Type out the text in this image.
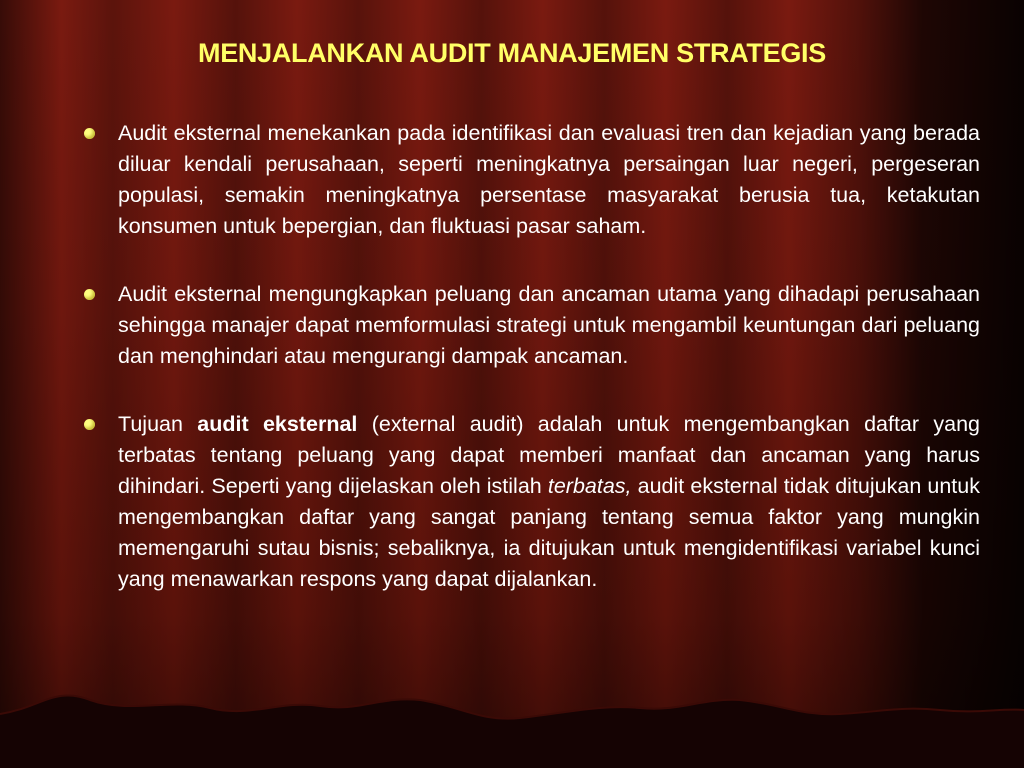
MENJALANKAN AUDIT MANAJEMEN STRATEGIS
Audit eksternal menekankan pada identifikasi dan evaluasi tren dan kejadian yang berada diluar kendali perusahaan, seperti meningkatnya persaingan luar negeri, pergeseran populasi, semakin meningkatnya persentase masyarakat berusia tua, ketakutan konsumen untuk bepergian, dan fluktuasi pasar saham.
Audit eksternal mengungkapkan peluang dan ancaman utama yang dihadapi perusahaan sehingga manajer dapat memformulasi strategi untuk mengambil keuntungan dari peluang dan menghindari atau mengurangi dampak ancaman.
Tujuan audit eksternal (external audit) adalah untuk mengembangkan daftar yang terbatas tentang peluang yang dapat memberi manfaat dan ancaman yang harus dihindari. Seperti yang dijelaskan oleh istilah terbatas, audit eksternal tidak ditujukan untuk mengembangkan daftar yang sangat panjang tentang semua faktor yang mungkin memengaruhi sutau bisnis; sebaliknya, ia ditujukan untuk mengidentifikasi variabel kunci yang menawarkan respons yang dapat dijalankan.
